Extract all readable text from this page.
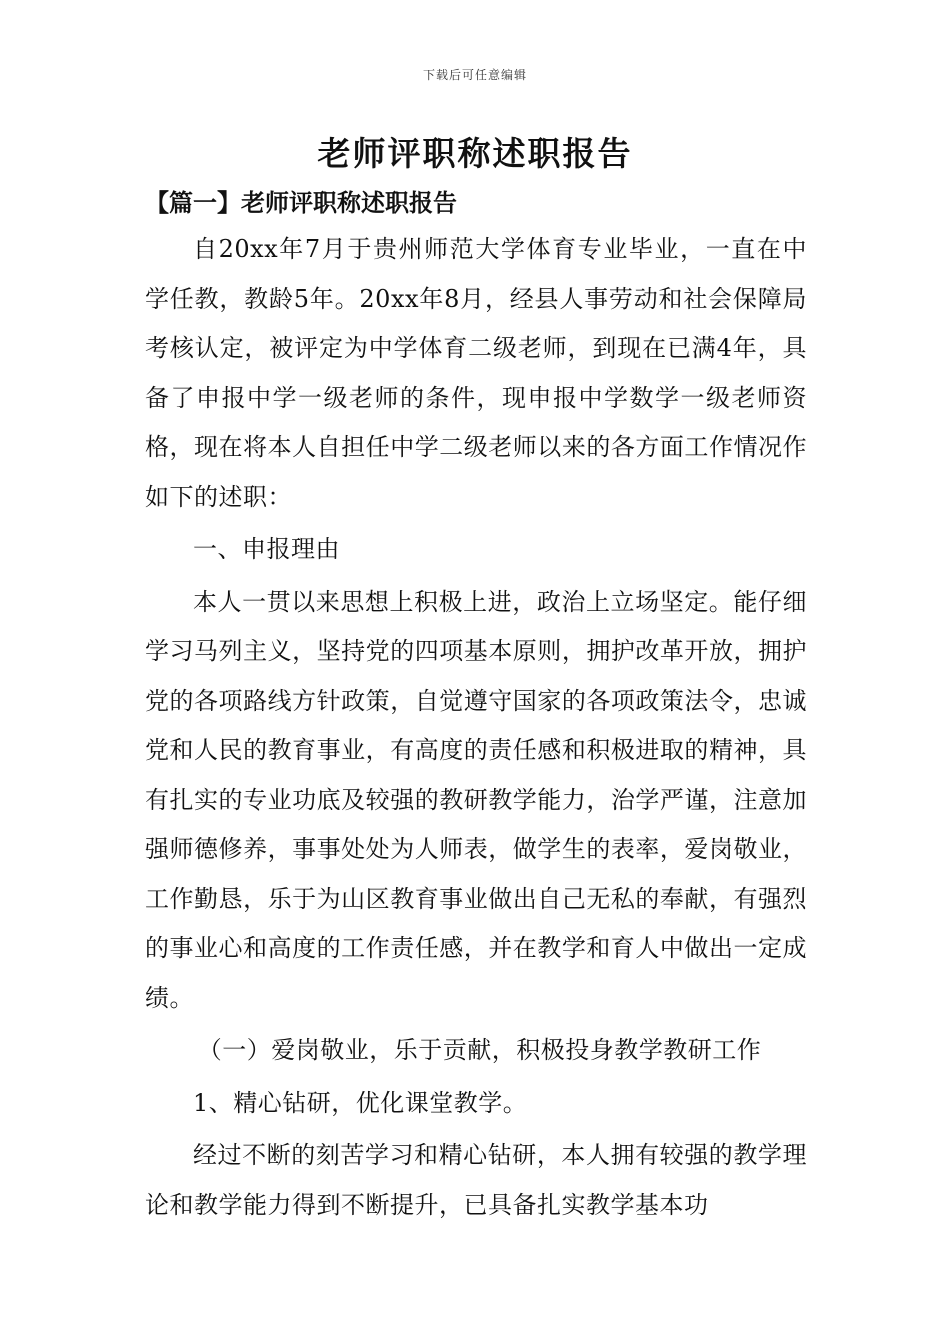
下载后可任意编辑
老师评职称述职报告
【篇一】老师评职称述职报告

自20xx年7月于贵州师范大学体育专业毕业，一直在中学任教，教龄5年。20xx年8月，经县人事劳动和社会保障局考核认定，被评定为中学体育二级老师，到现在已满4年，具备了申报中学一级老师的条件，现申报中学数学一级老师资格，现在将本人自担任中学二级老师以来的各方面工作情况作如下的述职：

一、申报理由

本人一贯以来思想上积极上进，政治上立场坚定。能仔细学习马列主义，坚持党的四项基本原则，拥护改革开放，拥护党的各项路线方针政策，自觉遵守国家的各项政策法令，忠诚党和人民的教育事业，有高度的责任感和积极进取的精神，具有扎实的专业功底及较强的教研教学能力，治学严谨，注意加强师德修养，事事处处为人师表，做学生的表率，爱岗敬业，工作勤恳，乐于为山区教育事业做出自己无私的奉献，有强烈的事业心和高度的工作责任感，并在教学和育人中做出一定成绩。

（一）爱岗敬业，乐于贡献，积极投身教学教研工作

1、精心钻研，优化课堂教学。

经过不断的刻苦学习和精心钻研，本人拥有较强的教学理论和教学能力得到不断提升，已具备扎实教学基本功
